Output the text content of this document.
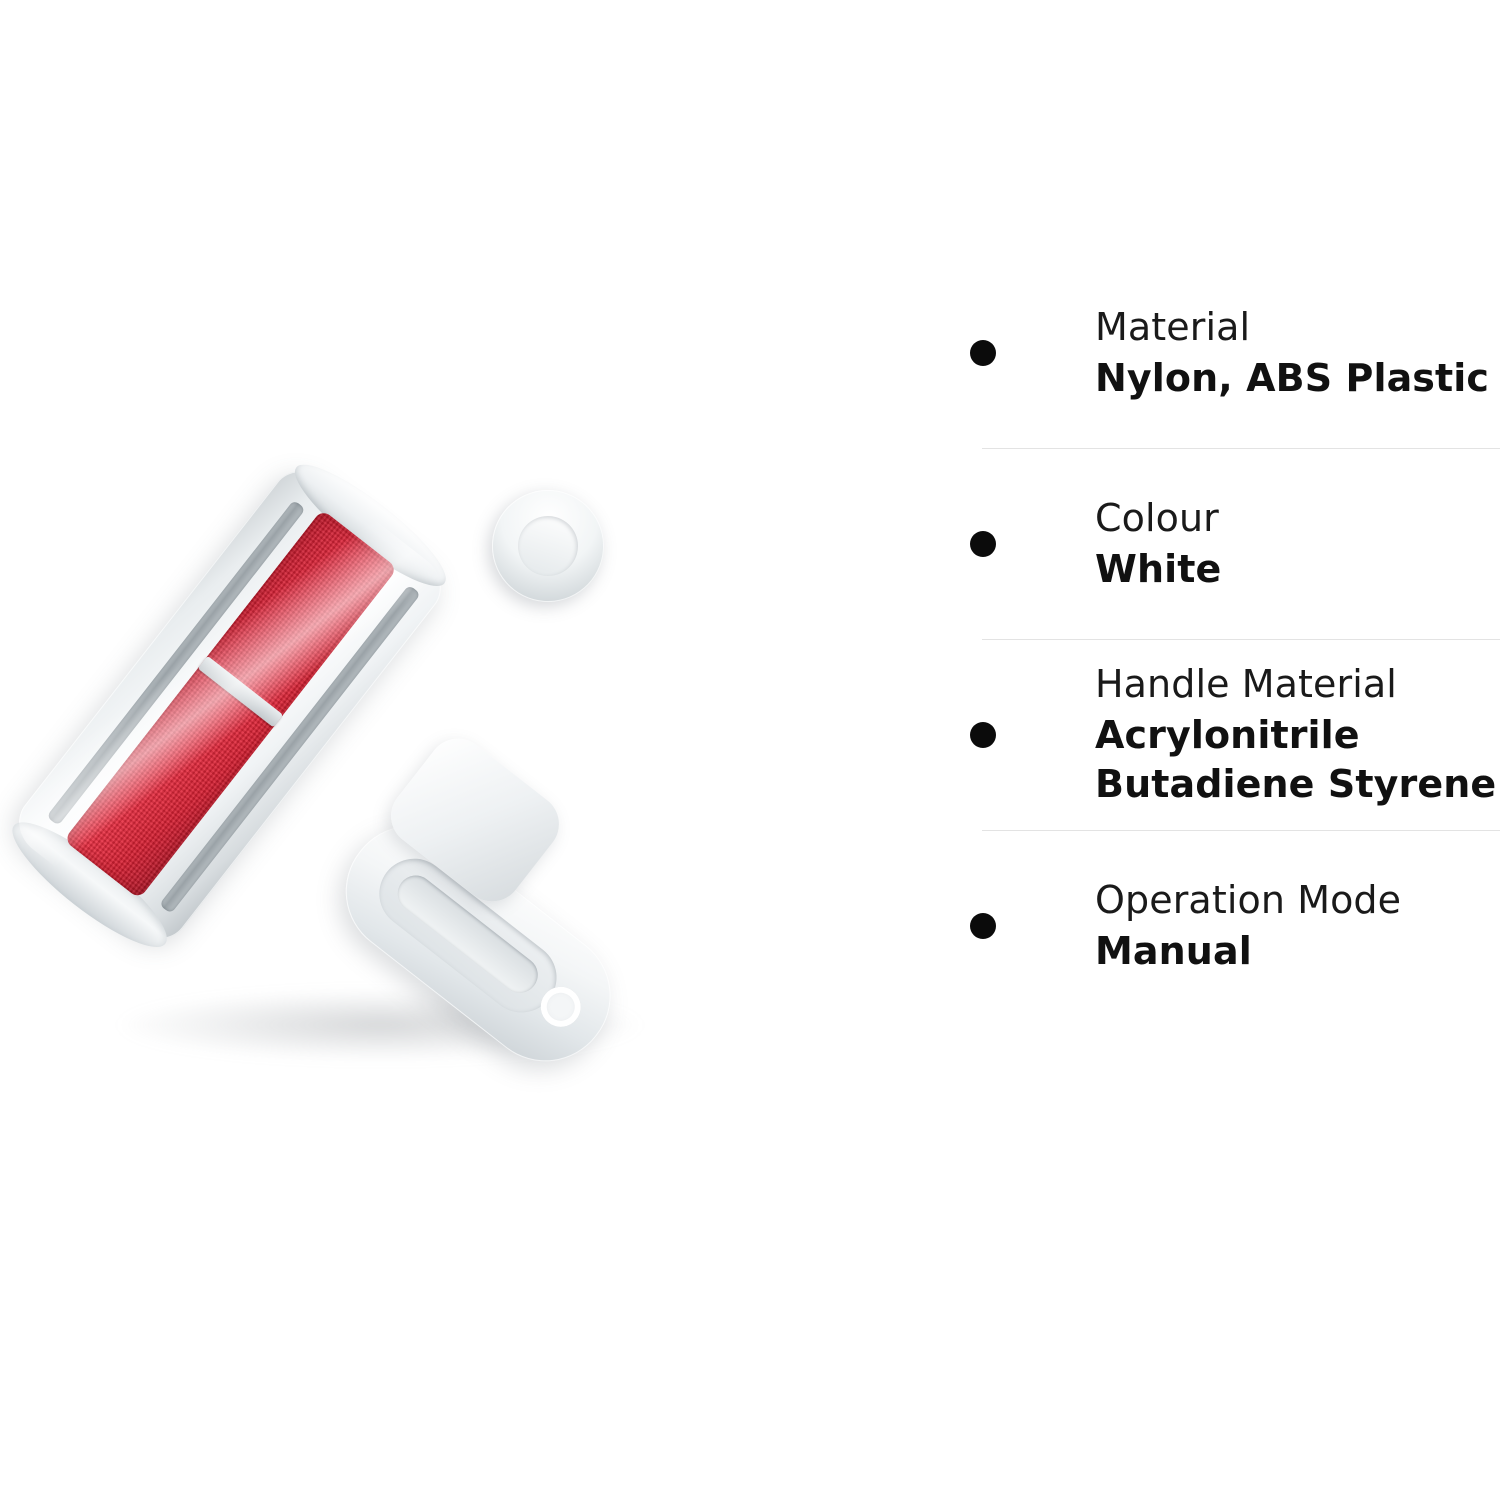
Material
Nylon, ABS Plastic
Colour
White
Handle Material
Acrylonitrile Butadiene Styrene
Operation Mode
Manual
